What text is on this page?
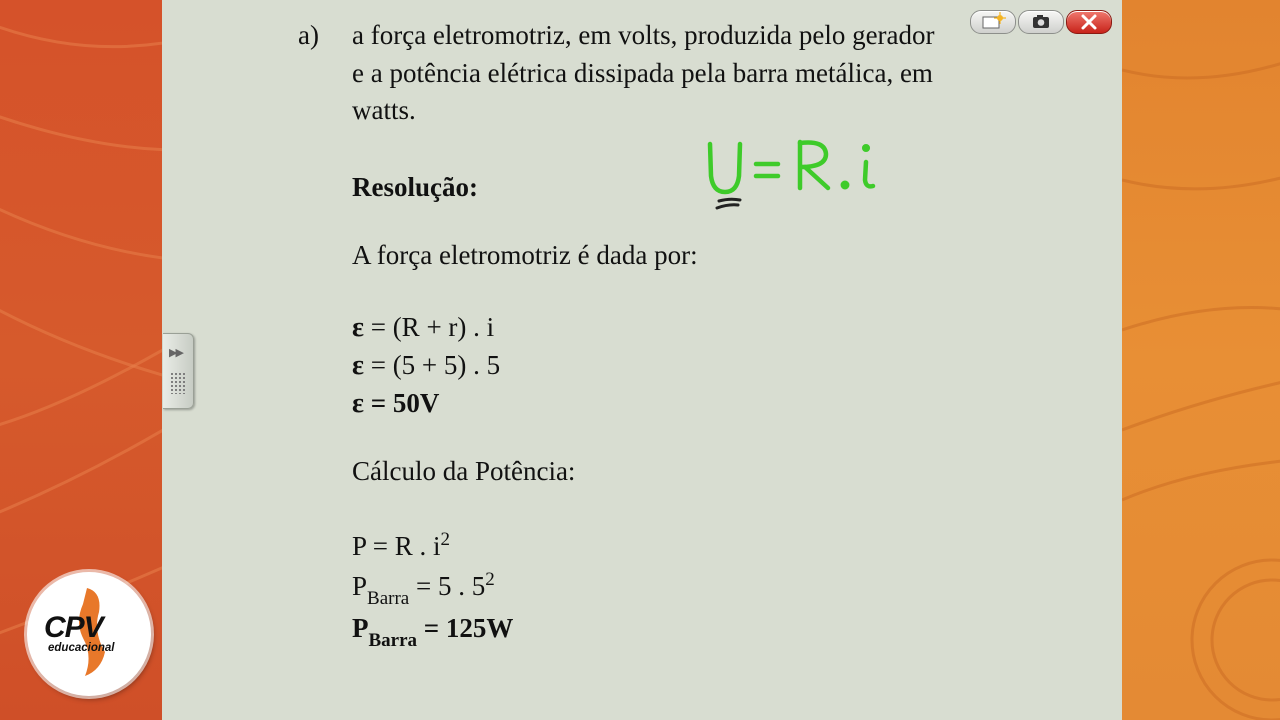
a) a força eletromotriz, em volts, produzida pelo gerador
e a potência elétrica dissipada pela barra metálica, em
watts.
Resolução:
A força eletromotriz é dada por:
ε = (R + r) . i
ε = (5 + 5) . 5
ε = 50V
Cálculo da Potência:
P = R . $i^2$
$P_{Barra} = 5$ . $5^2$
$P_{Barra} = 125W$
▶▶
CPV
educacional
